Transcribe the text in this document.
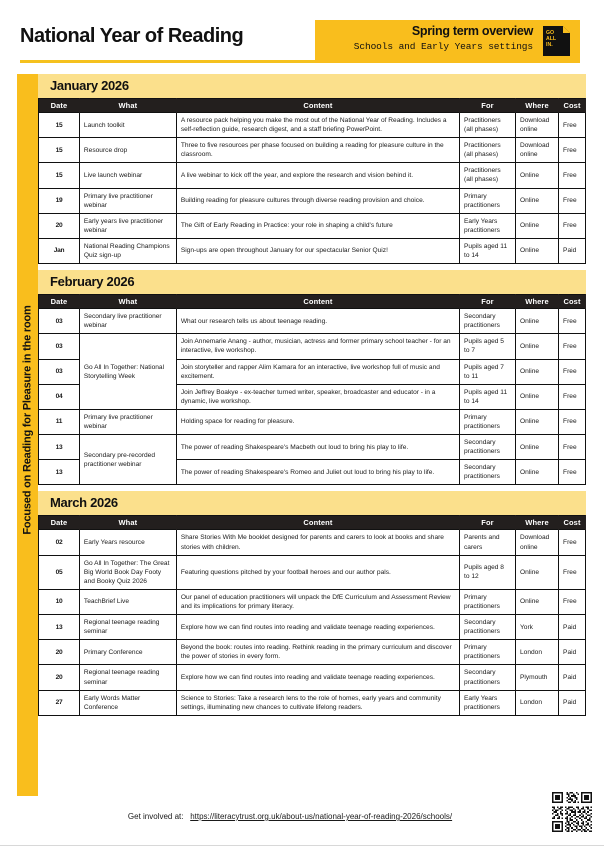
National Year of Reading	Spring term overview
Schools and Early Years settings
GO
ALL
IN.
Focused on Reading for Pleasure in the room
January 2026
Date	What	Content	For	Where	Cost
15	Launch toolkit	A resource pack helping you make the most out of the National Year of Reading. Includes a self-reflection guide, research digest, and a staff briefing PowerPoint.	Practitioners (all phases)	Download online	Free
15	Resource drop	Three to five resources per phase focused on building a reading for pleasure culture in the classroom.	Practitioners (all phases)	Download online	Free
15	Live launch webinar	A live webinar to kick off the year, and explore the research and vision behind it.	Practitioners (all phases)	Online	Free
19	Primary live practitioner webinar	Building reading for pleasure cultures through diverse reading provision and choice.	Primary practitioners	Online	Free
20	Early years live practitioner webinar	The Gift of Early Reading in Practice: your role in shaping a child's future	Early Years practitioners	Online	Free
Jan	National Reading Champions Quiz sign-up	Sign-ups are open throughout January for our spectacular Senior Quiz!	Pupils aged 11 to 14	Online	Paid
February 2026
Date	What	Content	For	Where	Cost
03	Secondary live practitioner webinar	What our research tells us about teenage reading.	Secondary practitioners	Online	Free
03	Go All In Together: National Storytelling Week	Join Annemarie Anang - author, musician, actress and former primary school teacher - for an interactive, live workshop.	Pupils aged 5 to 7	Online	Free
03		Join storyteller and rapper Alim Kamara for an interactive, live workshop full of music and excitement.	Pupils aged 7 to 11	Online	Free
04		Join Jeffrey Boakye - ex-teacher turned writer, speaker, broadcaster and educator - in a dynamic, live workshop.	Pupils aged 11 to 14	Online	Free
11	Primary live practitioner webinar	Holding space for reading for pleasure.	Primary practitioners	Online	Free
13	Secondary pre-recorded practitioner webinar	The power of reading Shakespeare's Macbeth out loud to bring his play to life.	Secondary practitioners	Online	Free
13		The power of reading Shakespeare's Romeo and Juliet out loud to bring his play to life.	Secondary practitioners	Online	Free
March 2026
Date	What	Content	For	Where	Cost
02	Early Years resource	Share Stories With Me booklet designed for parents and carers to look at books and share stories with children.	Parents and carers	Download online	Free
05	Go All In Together: The Great Big World Book Day Footy and Booky Quiz 2026	Featuring questions pitched by your football heroes and our author pals.	Pupils aged 8 to 12	Online	Free
10	TeachBrief Live	Our panel of education practitioners will unpack the DfE Curriculum and Assessment Review and its implications for primary literacy.	Primary practitioners	Online	Free
13	Regional teenage reading seminar	Explore how we can find routes into reading and validate teenage reading experiences.	Secondary practitioners	York	Paid
20	Primary Conference	Beyond the book: routes into reading. Rethink reading in the primary curriculum and discover the power of stories in every form.	Primary practitioners	London	Paid
20	Regional teenage reading seminar	Explore how we can find routes into reading and validate teenage reading experiences.	Secondary practitioners	Plymouth	Paid
27	Early Words Matter Conference	Science to Stories: Take a research lens to the role of homes, early years and community settings, illuminating new chances to cultivate lifelong readers.	Early Years practitioners	London	Paid
Get involved at: https://literacytrust.org.uk/about-us/national-year-of-reading-2026/schools/
